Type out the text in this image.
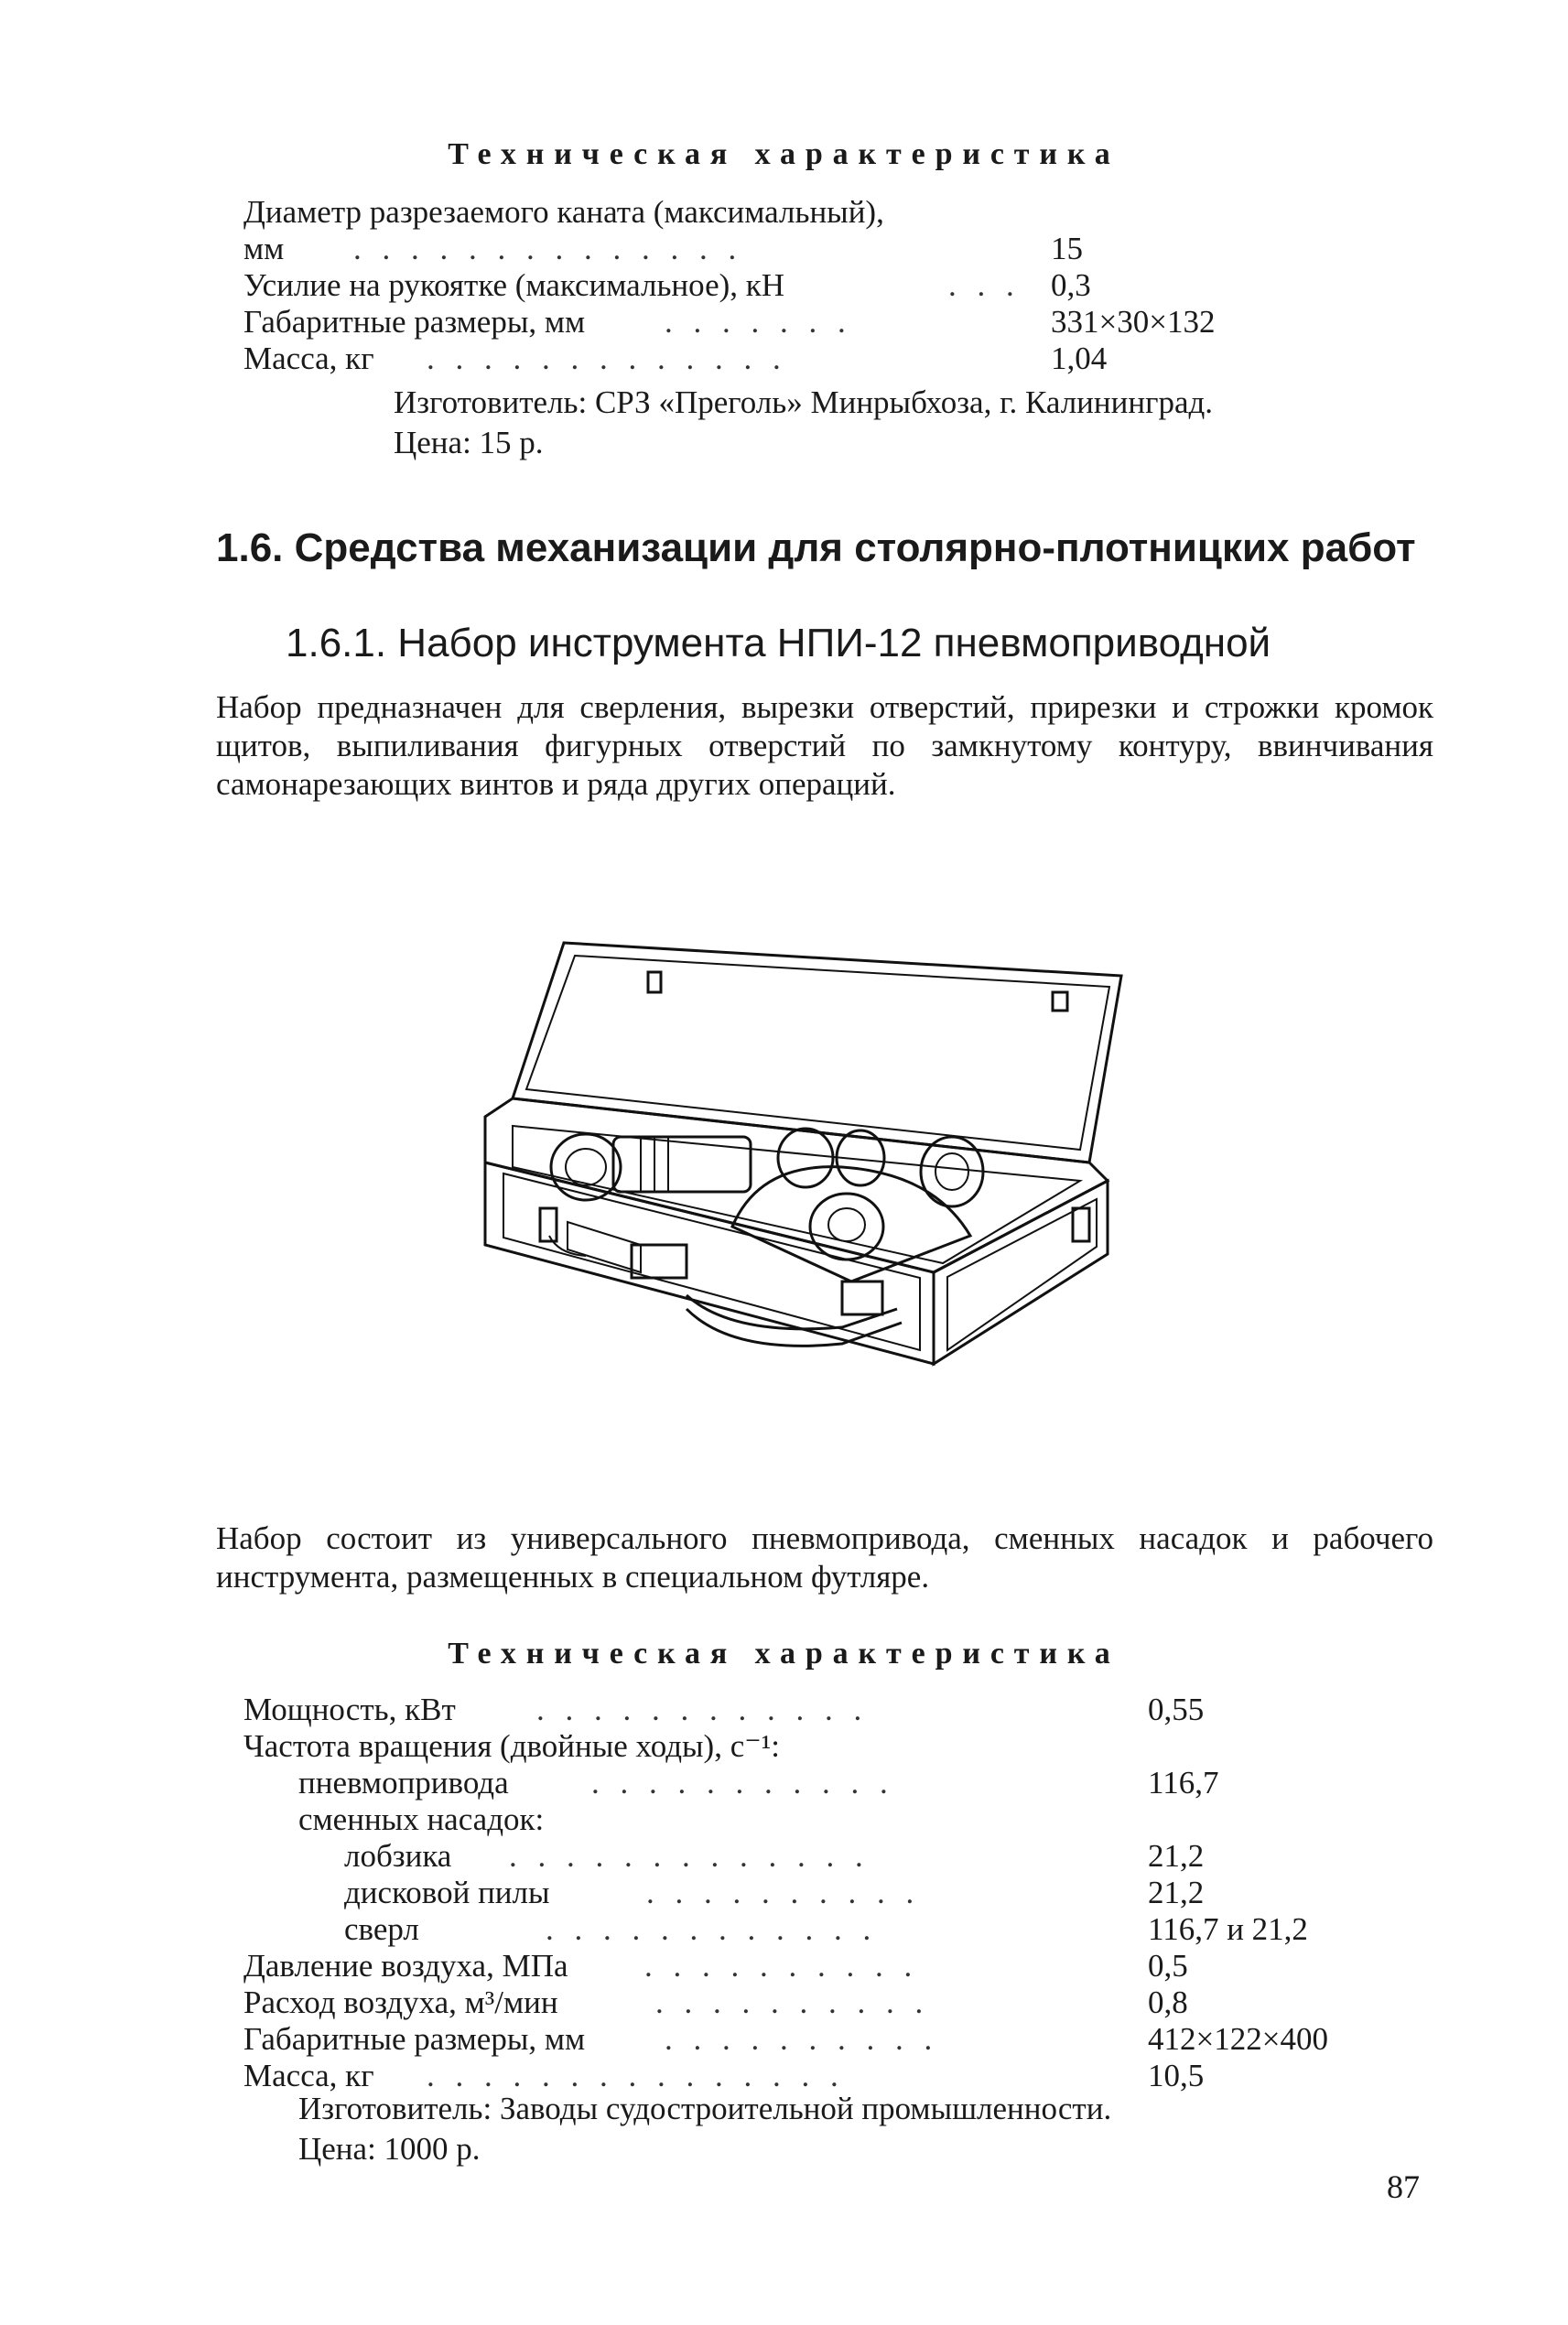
Техническая характеристика
Диаметр разрезаемого каната (максимальный),
мм . . . . . . . . . . . . . .	15
Усилие на рукоятке (максимальное), кН	. . . 0,3
Габаритные размеры, мм . . . . . . .	331×30×132
Масса, кг . . . . . . . . . . . . .	1,04
Изготовитель: СРЗ «Преголь» Минрыбхоза, г. Калининград.
Цена: 15 р.
1.6. Средства механизации для столярно-плотницких работ
1.6.1. Набор инструмента НПИ-12 пневмоприводной
Набор предназначен для сверления, вырезки отверстий, прирезки и строжки кромок щитов, выпиливания фигурных отверстий по замкнутому контуру, ввинчивания самонарезающих винтов и ряда других операций.
Набор состоит из универсального пневмопривода, сменных насадок и рабочего инструмента, размещенных в специальном футляре.
Техническая характеристика
Мощность, кВт	. . . . . . . . . . . .	0,55
Частота вращения (двойные ходы), с⁻¹:
пневмопривода	. . . . . . . . . . .	116,7
сменных насадок:
лобзика . . . . . . . . . . . . .	21,2
дисковой пилы	. . . . . . . . . .	21,2
сверл	. . . . . . . . . . . .	116,7 и 21,2
Давление воздуха, МПа . . . . . . . . . .	0,5
Расход воздуха, м³/мин	. . . . . . . . . .	0,8
Габаритные размеры, мм . . . . . . . . . .	412×122×400
Масса, кг . . . . . . . . . . . . . . .	10,5
Изготовитель: Заводы судостроительной промышленности.
Цена: 1000 р.
87
